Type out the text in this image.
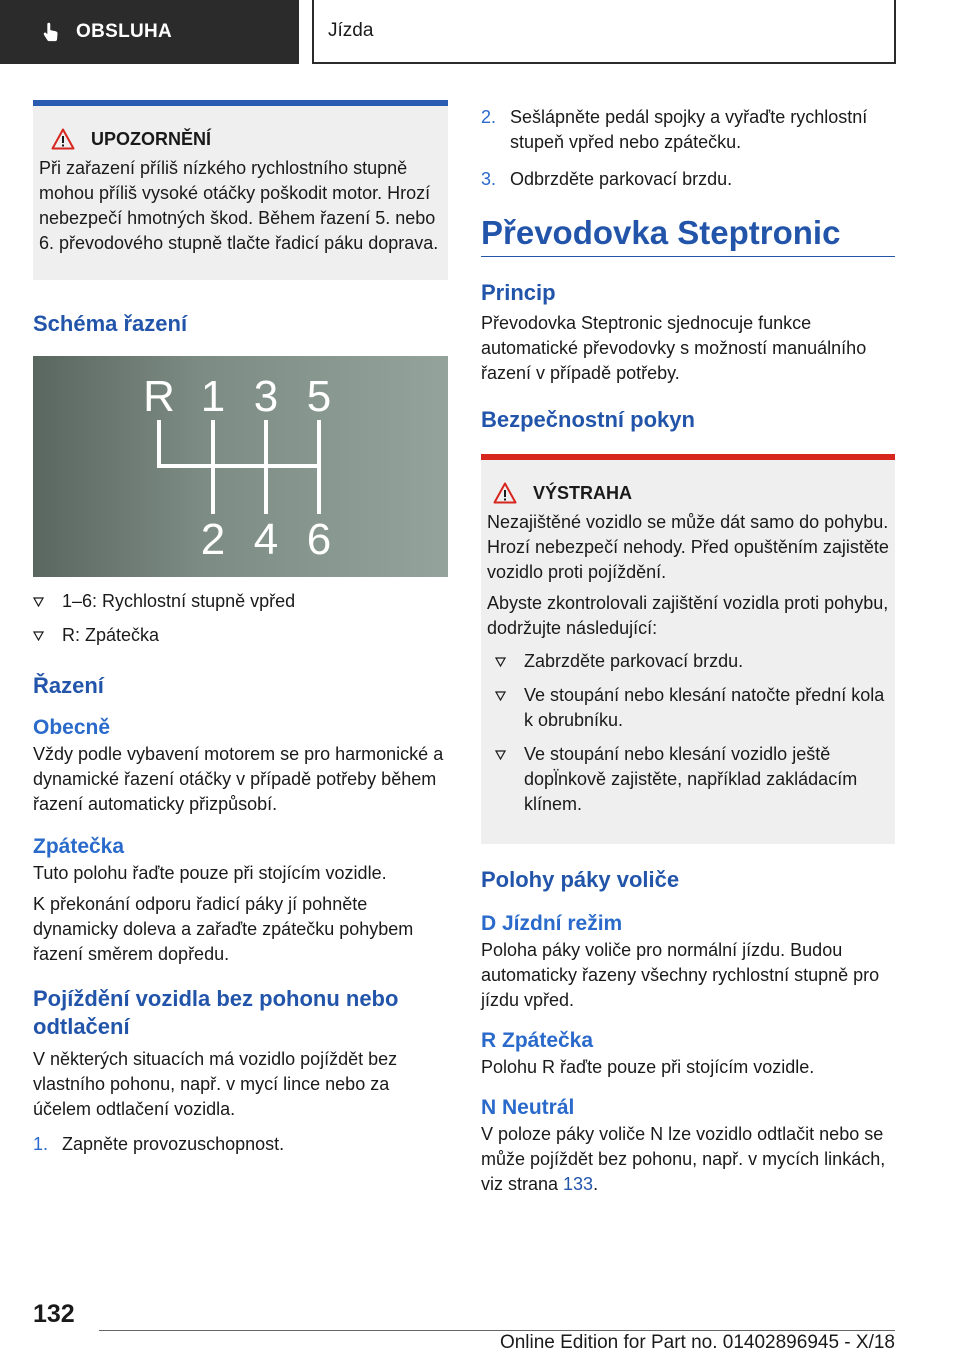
OBSLUHA	Jízda
UPOZORNĚNÍ

Při zařazení příliš nízkého rychlostního stupně mohou příliš vysoké otáčky poškodit motor. Hrozí nebezpečí hmotných škod. Během řazení 5. nebo 6. převodového stupně tlačte řadicí páku doprava.

Schéma řazení
R 1 3 5
2 4 6
1–6: Rychlostní stupně vpřed
R: Zpátečka
Řazení
Obecně

Vždy podle vybavení motorem se pro harmonické a dynamické řazení otáčky v případě potřeby během řazení automaticky přizpůsobí.

Zpátečka

Tuto polohu řaďte pouze při stojícím vozidle.

K překonání odporu řadicí páky jí pohněte dynamicky doleva a zařaďte zpátečku pohybem řazení směrem dopředu.

Pojíždění vozidla bez pohonu nebo odtlačení

V některých situacích má vozidlo pojíždět bez vlastního pohonu, např. v mycí lince nebo za účelem odtlačení vozidla.

1. Zapněte provozuschopnost.
2. Sešlápněte pedál spojky a vyřaďte rychlostní stupeň vpřed nebo zpátečku.
3. Odbrzděte parkovací brzdu.
Převodovka Steptronic
Princip

Převodovka Steptronic sjednocuje funkce automatické převodovky s možností manuálního řazení v případě potřeby.

Bezpečnostní pokyn
VÝSTRAHA

Nezajištěné vozidlo se může dát samo do pohybu. Hrozí nebezpečí nehody. Před opuštěním zajistěte vozidlo proti pojíždění.

Abyste zkontrolovali zajištění vozidla proti pohybu, dodržujte následující:

Zabrzděte parkovací brzdu.
Ve stoupání nebo klesání natočte přední kola k obrubníku.
Ve stoupání nebo klesání vozidlo ještě dopl̈nkově zajistěte, například zakládacím klínem.
Polohy páky voliče
D Jízdní režim

Poloha páky voliče pro normální jízdu. Budou automaticky řazeny všechny rychlostní stupně pro jízdu vpřed.

R Zpátečka

Polohu R řaďte pouze při stojícím vozidle.

N Neutrál

V poloze páky voliče N lze vozidlo odtlačit nebo se může pojíždět bez pohonu, např. v mycích linkách, viz strana 133.

132
Online Edition for Part no. 01402896945 - X/18
